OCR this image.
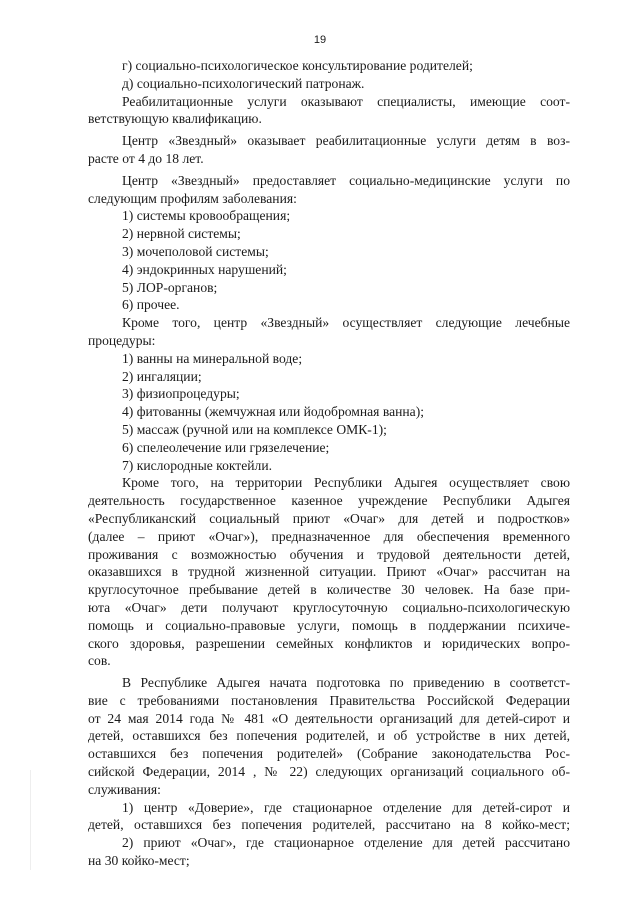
19
г) социально-психологическое консультирование родителей;
д) социально-психологический патронаж.
Реабилитационные услуги оказывают специалисты, имеющие соот-
ветствующую квалификацию.
Центр «Звездный» оказывает реабилитационные услуги детям в воз-
расте от 4 до 18 лет.
Центр «Звездный» предоставляет социально-медицинские услуги по
следующим профилям заболевания:
1) системы кровообращения;
2) нервной системы;
3) мочеполовой системы;
4) эндокринных нарушений;
5) ЛОР-органов;
6) прочее.
Кроме того, центр «Звездный» осуществляет следующие лечебные
процедуры:
1) ванны на минеральной воде;
2) ингаляции;
3) физиопроцедуры;
4) фитованны (жемчужная или йодобромная ванна);
5) массаж (ручной или на комплексе ОМК-1);
6) спелеолечение или грязелечение;
7) кислородные коктейли.
Кроме того, на территории Республики Адыгея осуществляет свою
деятельность государственное казенное учреждение Республики Адыгея
«Республиканский социальный приют «Очаг» для детей и подростков»
(далее – приют «Очаг»), предназначенное для обеспечения временного
проживания с возможностью обучения и трудовой деятельности детей,
оказавшихся в трудной жизненной ситуации. Приют «Очаг» рассчитан на
круглосуточное пребывание детей в количестве 30 человек. На базе при-
юта «Очаг» дети получают круглосуточную социально-психологическую
помощь и социально-правовые услуги, помощь в поддержании психиче-
ского здоровья, разрешении семейных конфликтов и юридических вопро-
сов.
В Республике Адыгея начата подготовка по приведению в соответст-
вие с требованиями постановления Правительства Российской Федерации
от 24 мая 2014 года № 481 «О деятельности организаций для детей-сирот и
детей, оставшихся без попечения родителей, и об устройстве в них детей,
оставшихся без попечения родителей» (Собрание законодательства Рос-
сийской Федерации, 2014 , № 22) следующих организаций социального об-
служивания:
1) центр «Доверие», где стационарное отделение для детей-сирот и
детей, оставшихся без попечения родителей, рассчитано на 8 койко-мест;
2) приют «Очаг», где стационарное отделение для детей рассчитано
на 30 койко-мест;
